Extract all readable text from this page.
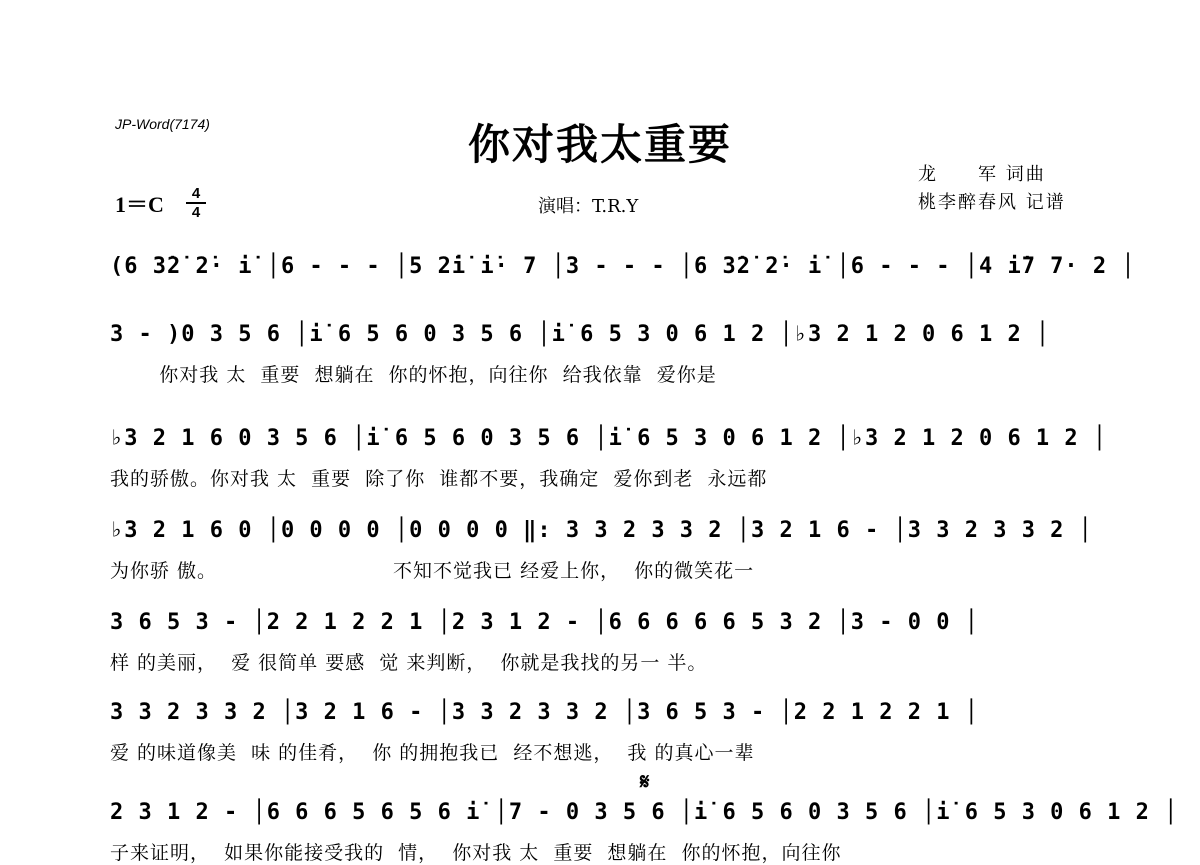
JP-Word(7174)	你对我太重要
龙　　军 词曲
桃李醉春风 记谱
1＝C	4
4	演唱：T.R.Y
(6 3̇2̇ 2̇· i̇ │6 - - - │5 2̇i̇ i̇· 7 │3 - - - │6 3̇2̇ 2̇· i̇ │6 - - - │4 i̇7 7· 2 │
3 - )0 3 5 6 │i̇ 6 5 6 0 3 5 6 │i̇ 6 5 3 0 6 1 2 │♭3 2 1 2 0 6 1 2 │
你对我 太  重要  想躺在  你的怀抱，向往你  给我依靠  爱你是
♭3 2 1 6 0 3 5 6 │i̇ 6 5 6 0 3 5 6 │i̇ 6 5 3 0 6 1 2 │♭3 2 1 2 0 6 1 2 │
我的骄傲。你对我 太  重要  除了你  谁都不要，我确定  爱你到老  永远都
♭3 2 1 6 0 │0 0 0 0 │0 0 0 0 ‖: 3 3 2 3 3 2 │3 2 1 6 - │3 3 2 3 3 2 │
为你骄 傲。                         不知不觉我已 经爱上你，  你的微笑花一
3 6 5 3 - │2 2 1 2 2 1 │2 3 1 2 - │6 6 6 6 6 5 3 2 │3 - 0 0 │
样 的美丽，  爱 很简单 要感  觉 来判断，  你就是我找的另一 半。
3 3 2 3 3 2 │3 2 1 6 - │3 3 2 3 3 2 │3 6 5 3 - │2 2 1 2 2 1 │
爱 的味道像美  味 的佳肴，  你 的拥抱我已  经不想逃，  我 的真心一辈
𝄋
2 3 1 2 - │6 6 6 5 6 5 6 i̇ │7 - 0 3 5 6 │i̇ 6 5 6 0 3 5 6 │i̇ 6 5 3 0 6 1 2 │
子来证明，  如果你能接受我的  情，  你对我 太  重要  想躺在  你的怀抱，向往你
